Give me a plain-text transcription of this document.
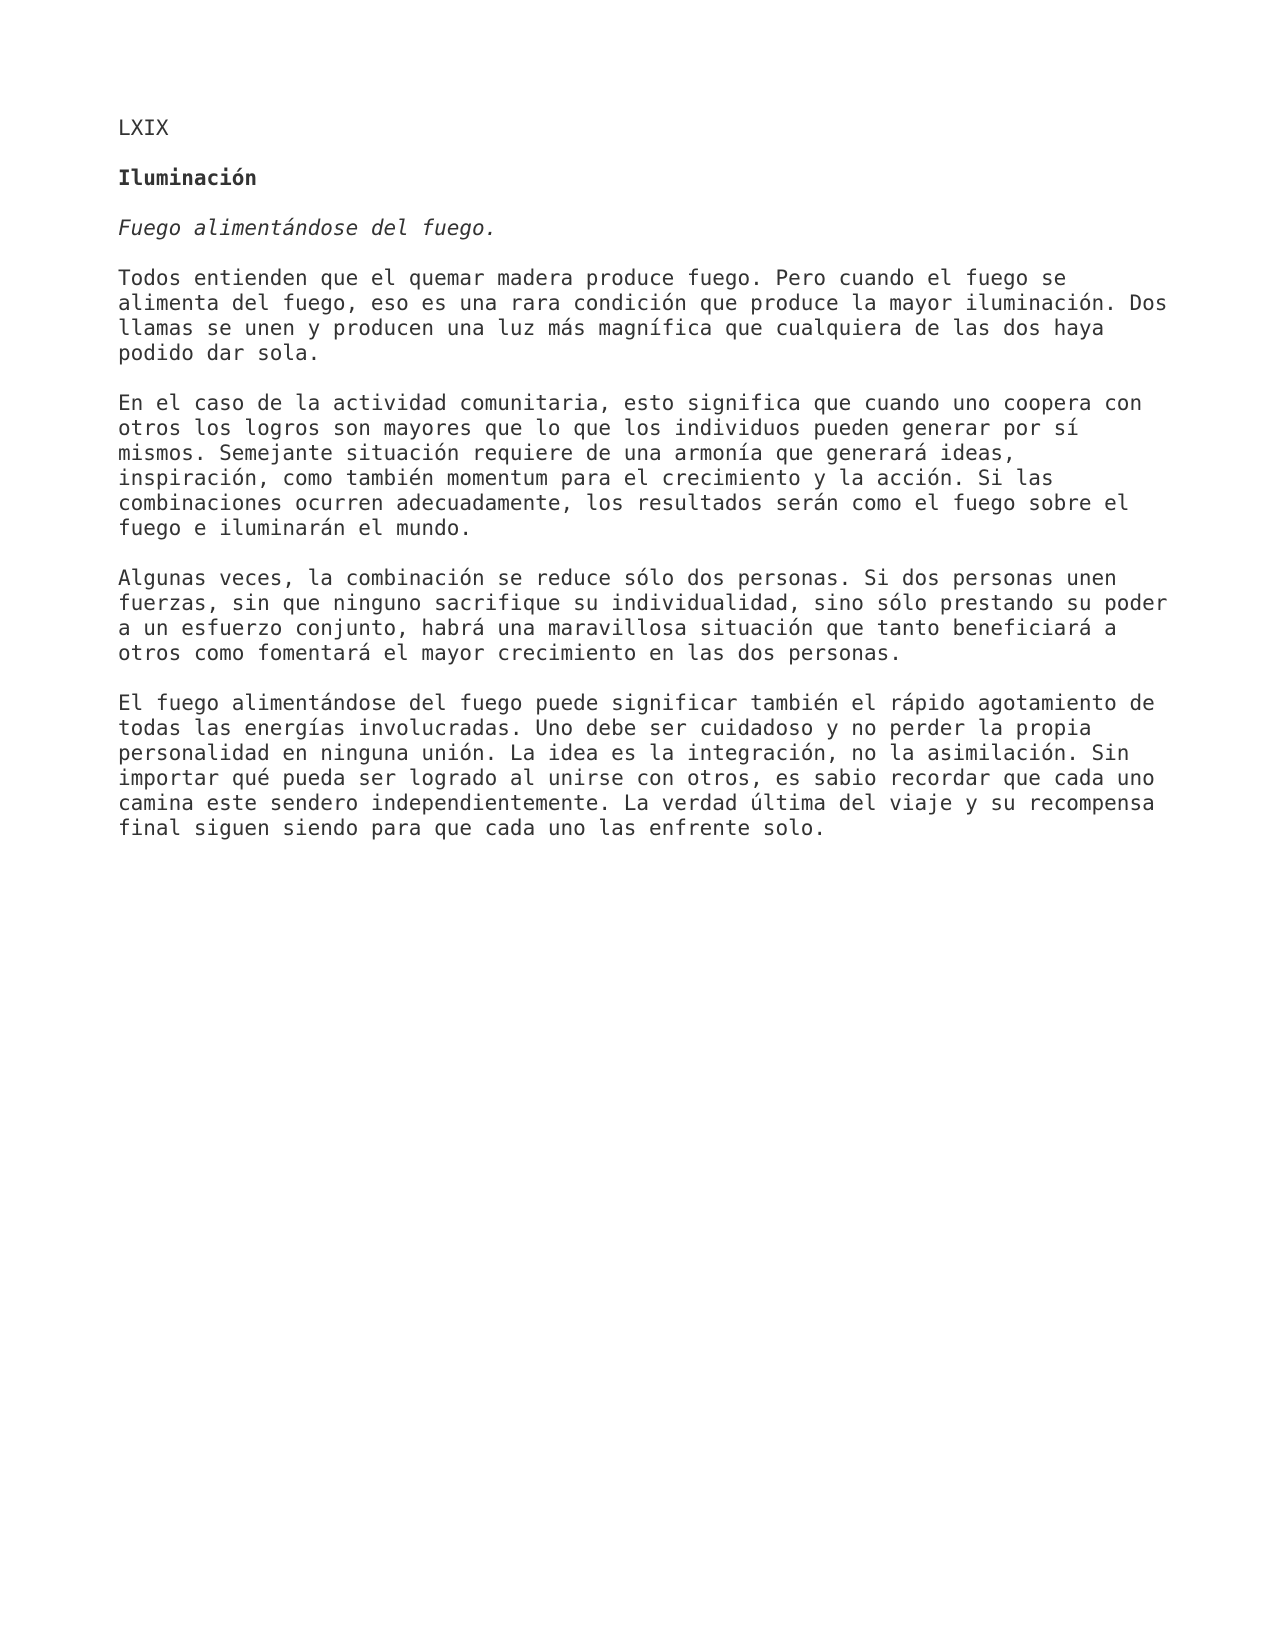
LXIX
Iluminación
Fuego alimentándose del fuego.
Todos entienden que el quemar madera produce fuego. Pero cuando el fuego se
alimenta del fuego, eso es una rara condición que produce la mayor iluminación. Dos
llamas se unen y producen una luz más magnífica que cualquiera de las dos haya
podido dar sola.
En el caso de la actividad comunitaria, esto significa que cuando uno coopera con
otros los logros son mayores que lo que los individuos pueden generar por sí
mismos. Semejante situación requiere de una armonía que generará ideas,
inspiración, como también momentum para el crecimiento y la acción. Si las
combinaciones ocurren adecuadamente, los resultados serán como el fuego sobre el
fuego e iluminarán el mundo.
Algunas veces, la combinación se reduce sólo dos personas. Si dos personas unen
fuerzas, sin que ninguno sacrifique su individualidad, sino sólo prestando su poder
a un esfuerzo conjunto, habrá una maravillosa situación que tanto beneficiará a
otros como fomentará el mayor crecimiento en las dos personas.
El fuego alimentándose del fuego puede significar también el rápido agotamiento de
todas las energías involucradas. Uno debe ser cuidadoso y no perder la propia
personalidad en ninguna unión. La idea es la integración, no la asimilación. Sin
importar qué pueda ser logrado al unirse con otros, es sabio recordar que cada uno
camina este sendero independientemente. La verdad última del viaje y su recompensa
final siguen siendo para que cada uno las enfrente solo.
